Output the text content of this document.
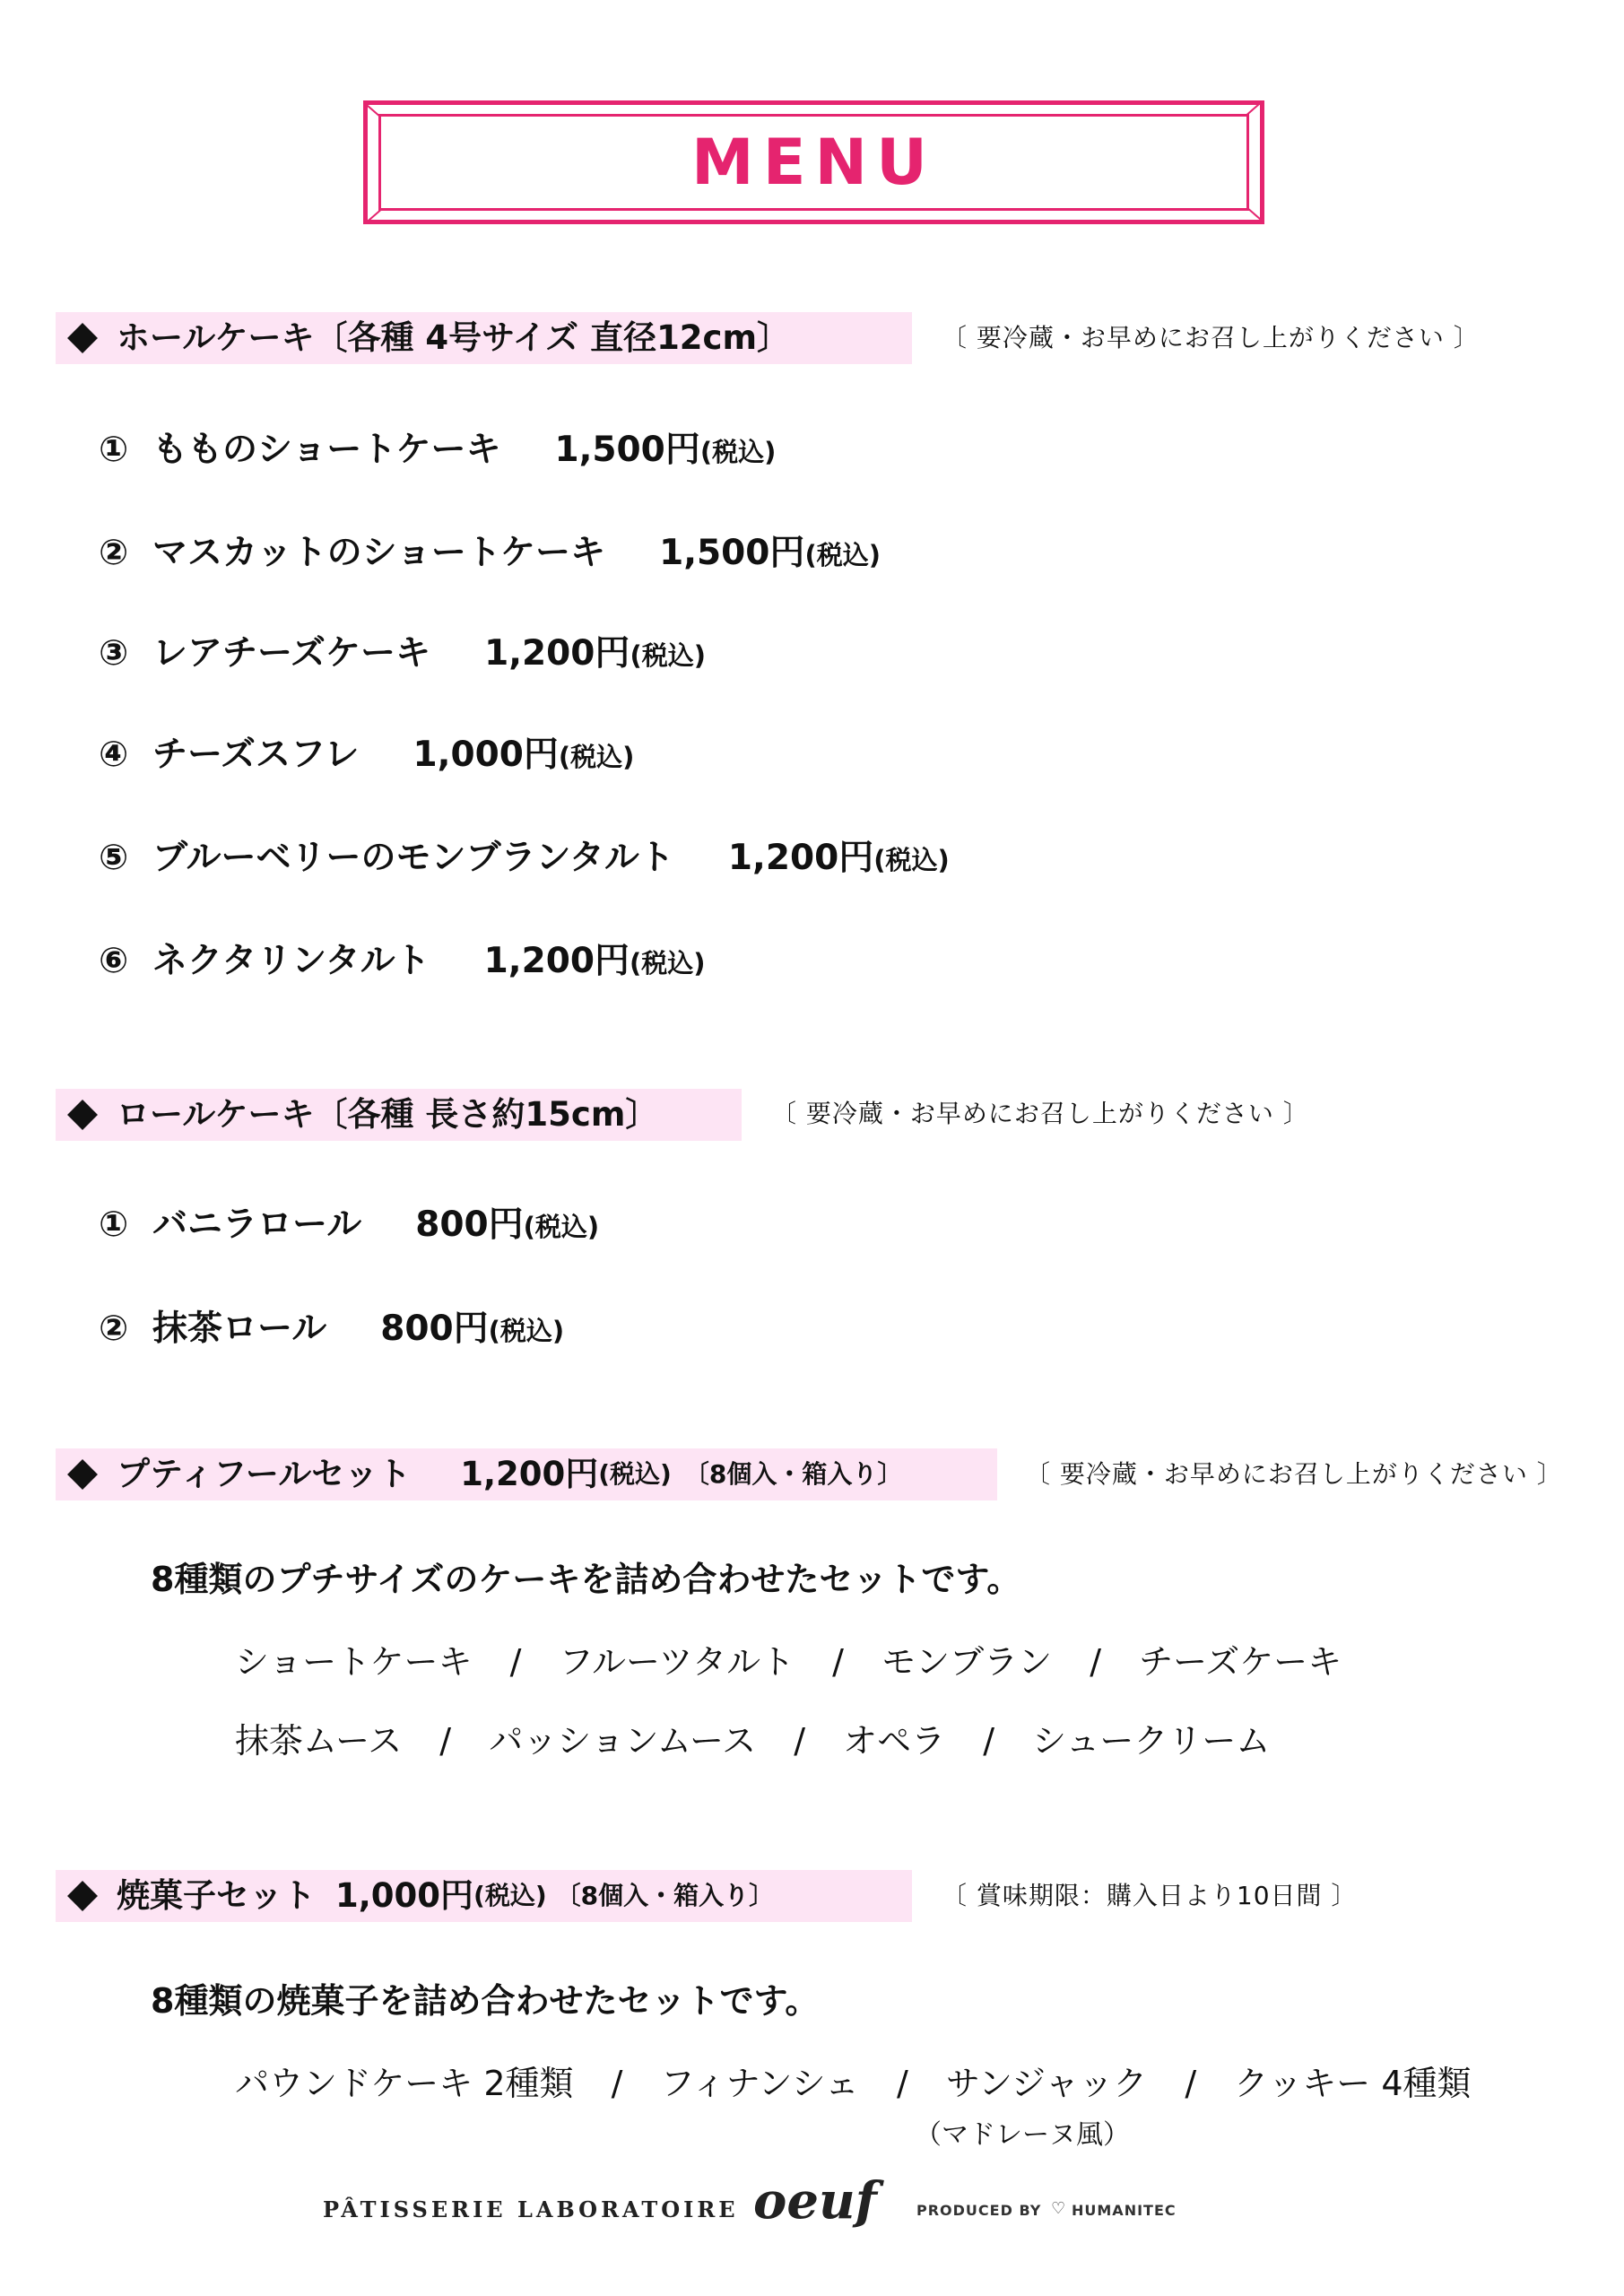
MENU
ホールケーキ〔各種 4号サイズ 直径12cm〕	〔 要冷蔵・お早めにお召し上がりください 〕
① もものショートケーキ 1,500円 (税込)
② マスカットのショートケーキ 1,500円 (税込)
③ レアチーズケーキ 1,200円 (税込)
④ チーズスフレ 1,000円 (税込)
⑤ ブルーベリーのモンブランタルト 1,200円 (税込)
⑥ ネクタリンタルト 1,200円 (税込)
ロールケーキ〔各種 長さ約15cm〕	〔 要冷蔵・お早めにお召し上がりください 〕
① バニラロール 800円 (税込)
② 抹茶ロール 800円 (税込)
プティフールセット 1,200円 (税込) 〔8個入・箱入り〕	〔 要冷蔵・お早めにお召し上がりください 〕
8種類のプチサイズのケーキを詰め合わせたセットです。
ショートケーキ / フルーツタルト / モンブラン / チーズケーキ
抹茶ムース / パッションムース / オペラ / シュークリーム
焼菓子セット 1,000円 (税込) 〔8個入・箱入り〕	〔 賞味期限：購入日より10日間 〕
8種類の焼菓子を詰め合わせたセットです。
パウンドケーキ 2種類 / フィナンシェ / サンジャック / クッキー 4種類
（マドレーヌ風）
PÂTISSERIE LABORATOIRE oeuf	PRODUCED BY ♡ HUMANITEC
